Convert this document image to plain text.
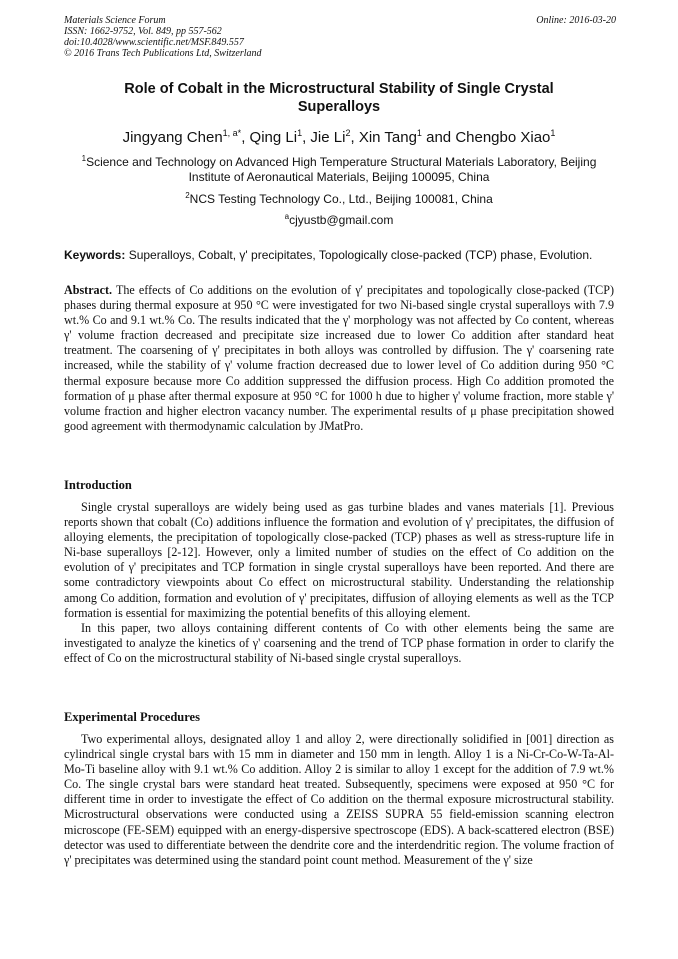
Materials Science Forum
ISSN: 1662-9752, Vol. 849, pp 557-562
doi:10.4028/www.scientific.net/MSF.849.557
© 2016 Trans Tech Publications Ltd, Switzerland
Online: 2016-03-20
Role of Cobalt in the Microstructural Stability of Single Crystal
Superalloys
Jingyang Chen$^{1, a*}$, Qing Li$^1$, Jie Li$^2$, Xin Tang$^1$ and Chengbo Xiao$^1$
$^1$Science and Technology on Advanced High Temperature Structural Materials Laboratory, Beijing
Institute of Aeronautical Materials, Beijing 100095, China
$^2$NCS Testing Technology Co., Ltd., Beijing 100081, China
$^a$cjyustb@gmail.com
Keywords: Superalloys, Cobalt, γ' precipitates, Topologically close-packed (TCP) phase, Evolution.

Abstract. The effects of Co additions on the evolution of γ' precipitates and topologically close-packed (TCP) phases during thermal exposure at 950 °C were investigated for two Ni-based single crystal superalloys with 7.9 wt.% Co and 9.1 wt.% Co. The results indicated that the γ' morphology was not affected by Co content, whereas γ' volume fraction decreased and precipitate size increased due to lower Co addition after standard heat treatment. The coarsening of γ' precipitates in both alloys was controlled by diffusion. The γ' coarsening rate increased, while the stability of γ' volume fraction decreased due to lower level of Co addition during 950 °C thermal exposure because more Co addition suppressed the diffusion process. High Co addition promoted the formation of μ phase after thermal exposure at 950 °C for 1000 h due to higher γ' volume fraction, more stable γ' volume fraction and higher electron vacancy number. The experimental results of μ phase precipitation showed good agreement with thermodynamic calculation by JMatPro.

Introduction

Single crystal superalloys are widely being used as gas turbine blades and vanes materials [1]. Previous reports shown that cobalt (Co) additions influence the formation and evolution of γ' precipitates, the diffusion of alloying elements, the precipitation of topologically close-packed (TCP) phases as well as stress-rupture life in Ni-base superalloys [2-12]. However, only a limited number of studies on the effect of Co addition on the evolution of γ' precipitates and TCP formation in single crystal superalloys have been reported. And there are some contradictory viewpoints about Co effect on microstructural stability. Understanding the relationship among Co addition, formation and evolution of γ' precipitates, diffusion of alloying elements as well as the TCP formation is essential for maximizing the potential benefits of this alloying element.

In this paper, two alloys containing different contents of Co with other elements being the same are investigated to analyze the kinetics of γ' coarsening and the trend of TCP phase formation in order to clarify the effect of Co on the microstructural stability of Ni-based single crystal superalloys.

Experimental Procedures

Two experimental alloys, designated alloy 1 and alloy 2, were directionally solidified in [001] direction as cylindrical single crystal bars with 15 mm in diameter and 150 mm in length. Alloy 1 is a Ni-Cr-Co-W-Ta-Al-Mo-Ti baseline alloy with 9.1 wt.% Co addition. Alloy 2 is similar to alloy 1 except for the addition of 7.9 wt.% Co. The single crystal bars were standard heat treated. Subsequently, specimens were exposed at 950 °C for different time in order to investigate the effect of Co addition on the thermal exposure microstructural stability. Microstructural observations were conducted using a ZEISS SUPRA 55 field-emission scanning electron microscope (FE-SEM) equipped with an energy-dispersive spectroscope (EDS). A back-scattered electron (BSE) detector was used to differentiate between the dendrite core and the interdendritic region. The volume fraction of γ' precipitates was determined using the standard point count method. Measurement of the γ' size
